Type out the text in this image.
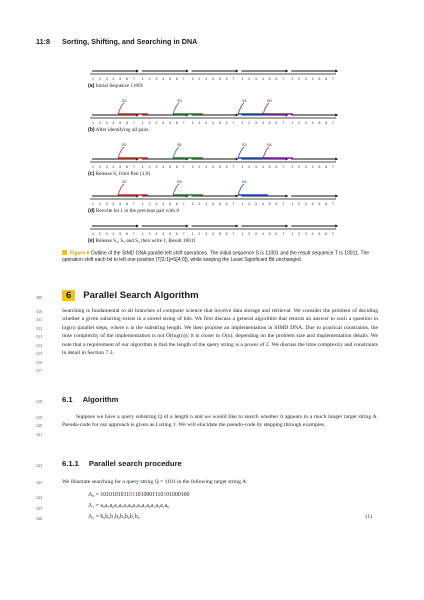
11:8 Sorting, Shifting, and Searching in DNA
1 2 3 4 5 6 7 1 2 3 4 5 6 7 1 2 3 4 5 6 7 1 2 3 4 5 6 7 1 2 3 4 5 6 7
(a) Initial Sequence 11001
1 2 3 4 5 6 7 1 2 3 4 5 6 7 1 2 3 4 5 6 7 1 2 3 4 5 6 7 1 2 3 4 5 6 7
S2	S3	S4	S5
(b) After identifying all pairs
1 2 3 4 5 6 7 1 2 3 4 5 6 7 1 2 3 4 5 6 7 1 2 3 4 5 6 7 1 2 3 4 5 6 7
S2	S5	S3	S4
(c) Release S₁ from Pair (1,0)
1 2 3 4 5 6 7 1 2 3 4 5 6 7 1 2 3 4 5 6 7 1 2 3 4 5 6 7 1 2 3 4 5 6 7
S2	S3	S4
(d) Rewrite bit 1 in the previous pair with 0
1 2 3 4 5 6 7 1 2 3 4 5 6 7 1 2 3 4 5 6 7 1 2 3 4 5 6 7 1 2 3 4 5 6 7
(e) Release S₂, S₃ and S₄ then write 1, Result 10011
Figure 6 Outline of the SIMD DNA parallel left shift operations. The initial sequence S is 11001 and the result sequence T is 10011. The operation shift each bit to left one position (T[3:1]=S[4:0]), while keeping the Least Significant Bit unchanged.
309	6 Parallel Search Algorithm
310
311
312
313
314
315
316
317
Searching is fundamental to all branches of computer science that involve data storage and retrieval. We consider the problem of deciding whether a given substring exists in a stored string of bits. We first discuss a general algorithm that returns an answer to such a question in log(n) parallel steps, where n is the substring length. We then propose an implementation in SIMD DNA. Due to practical constraints, the time complexity of the implementation is not O(log(n)); it is closer to O(n), depending on the problem size and implementation details. We note that a requirement of our algorithm is that the length of the query string is a power of 2. We discuss the time complexity and constraints in detail in Section 7.3.
318	6.1 Algorithm
319
320
321
Suppose we have a query substring Q of a length n and we would like to search whether it appears in a much longer target string A. Pseudo-code for our approach is given as Listing 1. We will elucidate the pseudo-code by stepping through examples.
322	6.1.1 Parallel search procedure
323	We illustrate searching for a query string Q = 1101 in the following target string A:
324
325
326
A₀ = 1010101011011010001110101000100
A₁ = a₀a₂a₀a₂a₀a₃a₀a₂a₀a₃a₀a₁a₀a₁a₀
A₂ = b₀b₀b₁b₀b₂b₀b₁b₀	(1)
